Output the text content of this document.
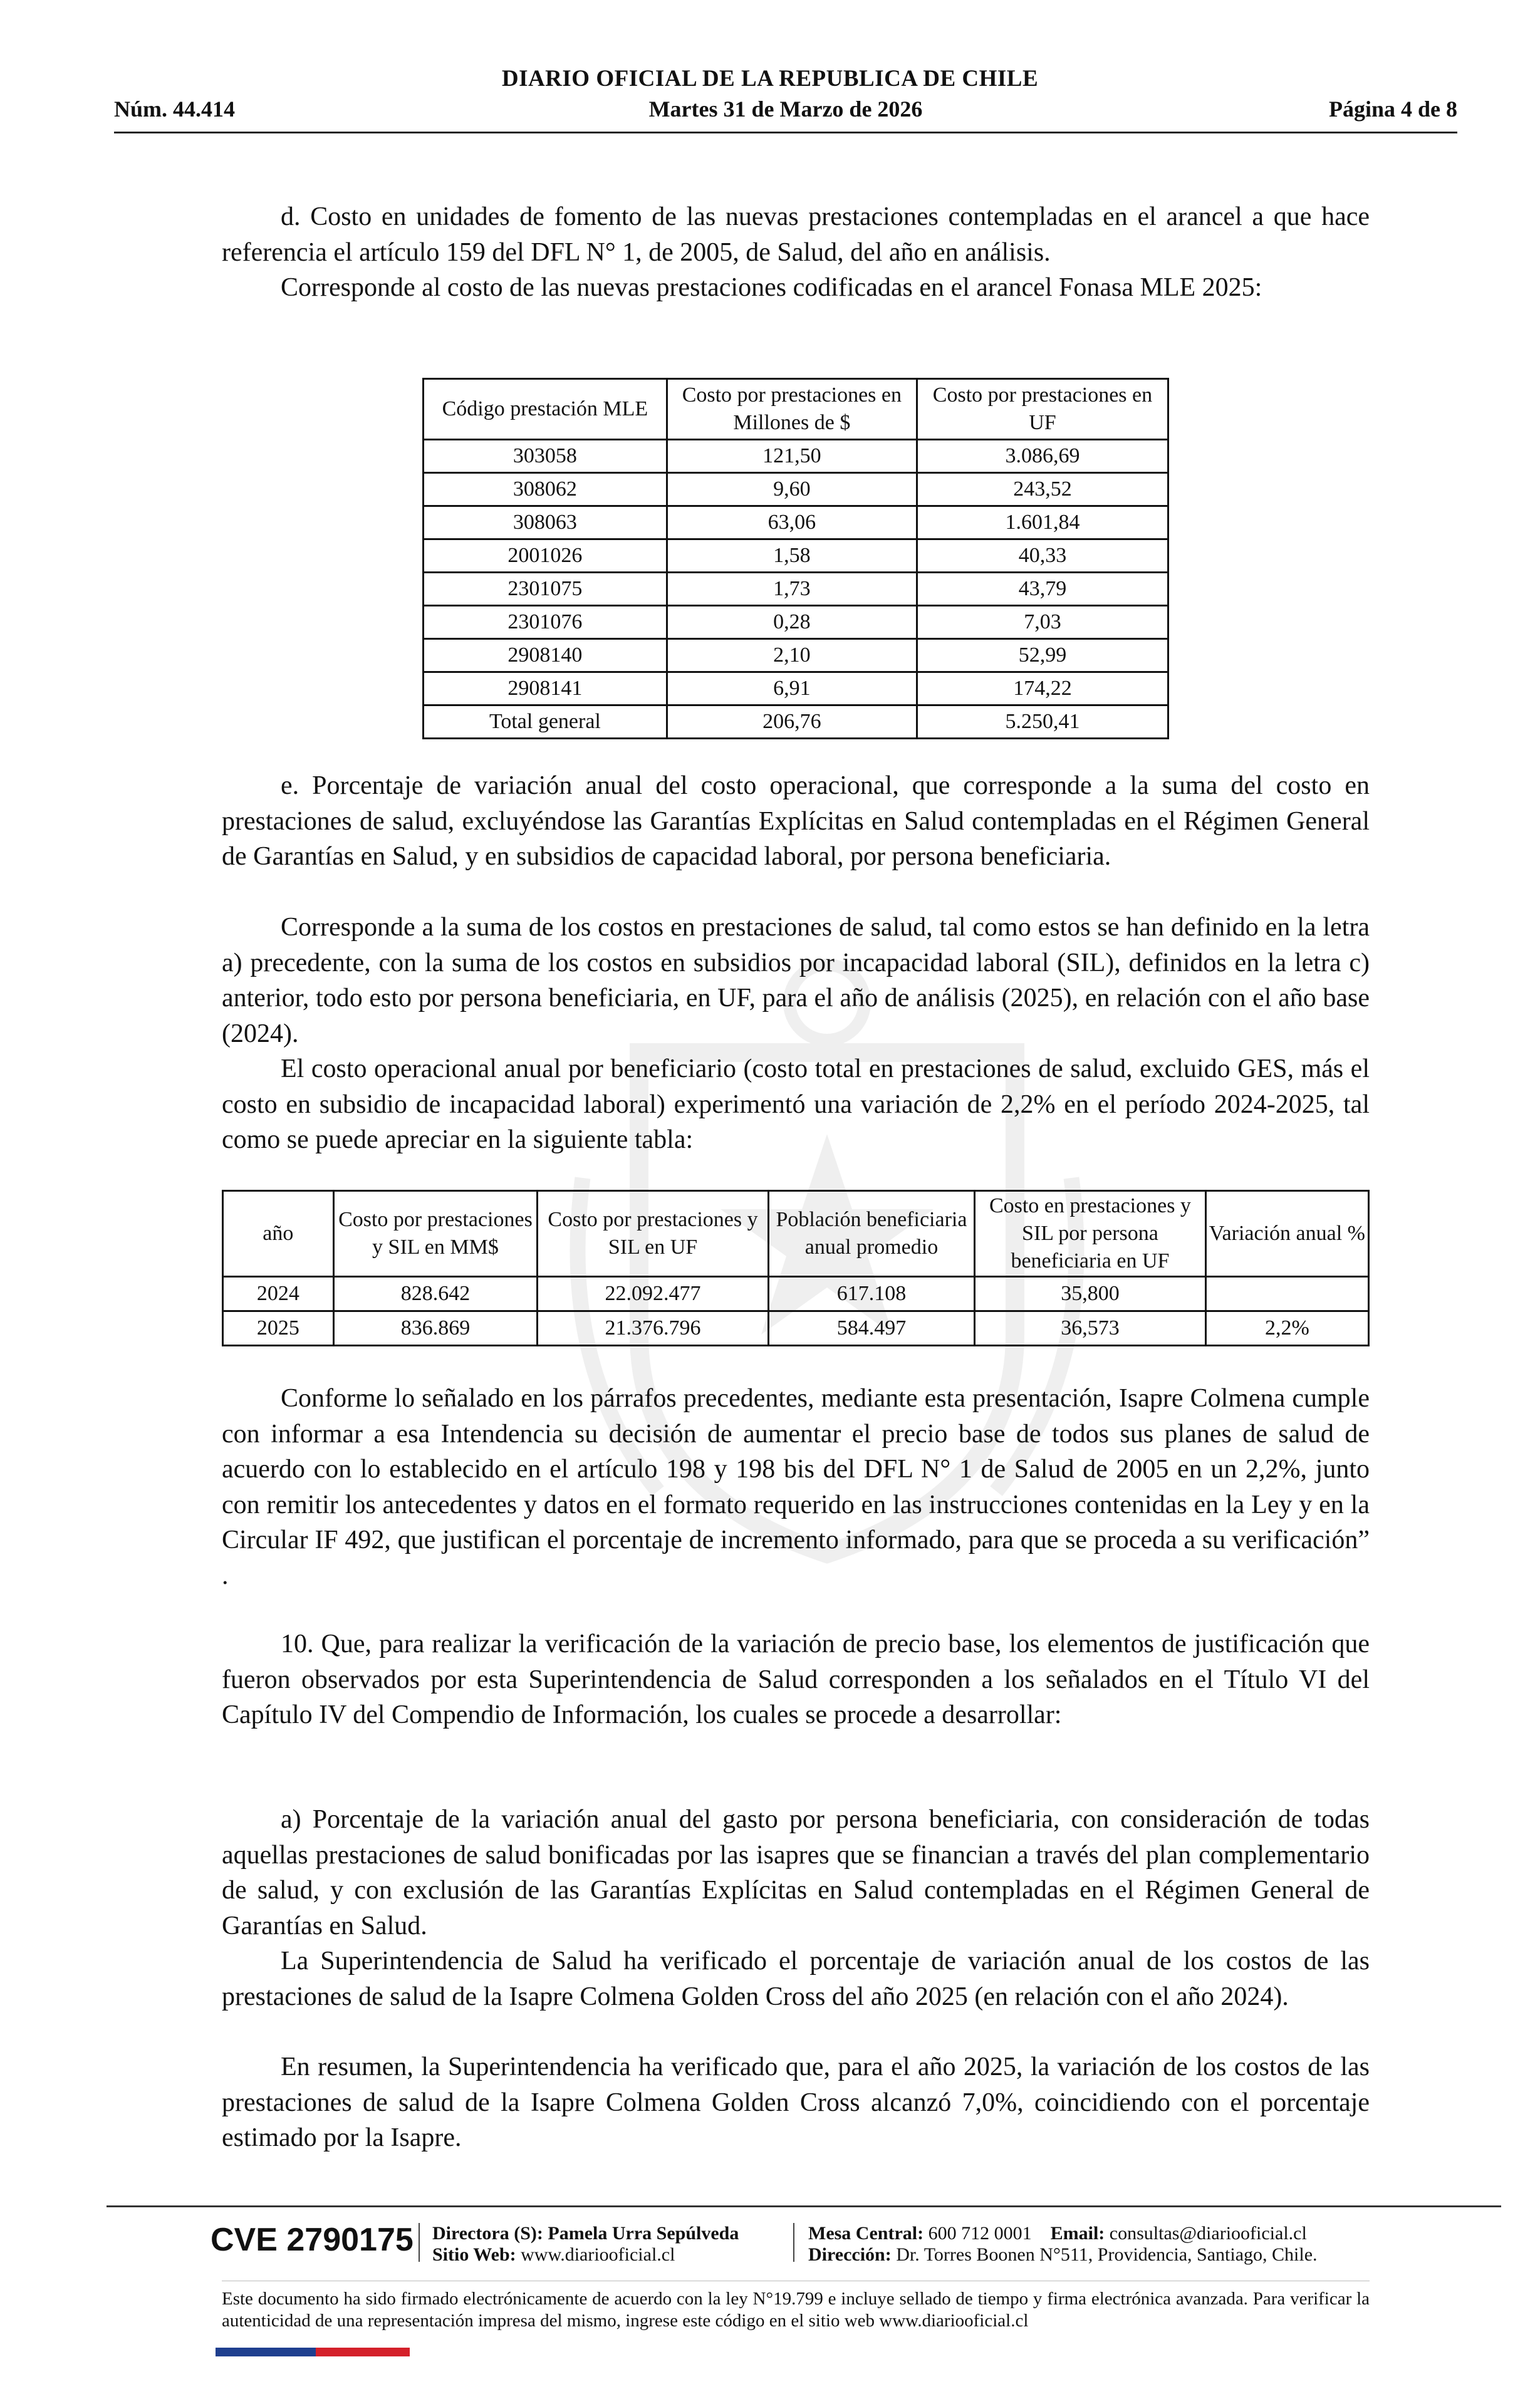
DIARIO OFICIAL DE LA REPUBLICA DE CHILE
Núm. 44.414	Martes 31 de Marzo de 2026	Página 4 de 8

d. Costo en unidades de fomento de las nuevas prestaciones contempladas en el arancel a que hace referencia el artículo 159 del DFL N° 1, de 2005, de Salud, del año en análisis.

Corresponde al costo de las nuevas prestaciones codificadas en el arancel Fonasa MLE 2025:

Código prestación MLE	Costo por prestaciones en Millones de $	Costo por prestaciones en UF
303058	121,50	3.086,69
308062	9,60	243,52
308063	63,06	1.601,84
2001026	1,58	40,33
2301075	1,73	43,79
2301076	0,28	7,03
2908140	2,10	52,99
2908141	6,91	174,22
Total general	206,76	5.250,41

e. Porcentaje de variación anual del costo operacional, que corresponde a la suma del costo en prestaciones de salud, excluyéndose las Garantías Explícitas en Salud contempladas en el Régimen General de Garantías en Salud, y en subsidios de capacidad laboral, por persona beneficiaria.

Corresponde a la suma de los costos en prestaciones de salud, tal como estos se han definido en la letra a) precedente, con la suma de los costos en subsidios por incapacidad laboral (SIL), definidos en la letra c) anterior, todo esto por persona beneficiaria, en UF, para el año de análisis (2025), en relación con el año base (2024).

El costo operacional anual por beneficiario (costo total en prestaciones de salud, excluido GES, más el costo en subsidio de incapacidad laboral) experimentó una variación de 2,2% en el período 2024-2025, tal como se puede apreciar en la siguiente tabla:

año	Costo por prestaciones y SIL en MM$	Costo por prestaciones y SIL en UF	Población beneficiaria anual promedio	Costo en prestaciones y SIL por persona beneficiaria en UF	Variación anual %
2024	828.642	22.092.477	617.108	35,800	
2025	836.869	21.376.796	584.497	36,573	2,2%

Conforme lo señalado en los párrafos precedentes, mediante esta presentación, Isapre Colmena cumple con informar a esa Intendencia su decisión de aumentar el precio base de todos sus planes de salud de acuerdo con lo establecido en el artículo 198 y 198 bis del DFL N° 1 de Salud de 2005 en un 2,2%, junto con remitir los antecedentes y datos en el formato requerido en las instrucciones contenidas en la Ley y en la Circular IF 492, que justifican el porcentaje de incremento informado, para que se proceda a su verificación” .

10. Que, para realizar la verificación de la variación de precio base, los elementos de justificación que fueron observados por esta Superintendencia de Salud corresponden a los señalados en el Título VI del Capítulo IV del Compendio de Información, los cuales se procede a desarrollar:

a) Porcentaje de la variación anual del gasto por persona beneficiaria, con consideración de todas aquellas prestaciones de salud bonificadas por las isapres que se financian a través del plan complementario de salud, y con exclusión de las Garantías Explícitas en Salud contempladas en el Régimen General de Garantías en Salud.

La Superintendencia de Salud ha verificado el porcentaje de variación anual de los costos de las prestaciones de salud de la Isapre Colmena Golden Cross del año 2025 (en relación con el año 2024).

En resumen, la Superintendencia ha verificado que, para el año 2025, la variación de los costos de las prestaciones de salud de la Isapre Colmena Golden Cross alcanzó 7,0%, coincidiendo con el porcentaje estimado por la Isapre.

CVE 2790175 Directora (S): Pamela Urra Sepúlveda
Sitio Web: www.diariooficial.cl
Mesa Central: 600 712 0001 Email: consultas@diariooficial.cl
Dirección: Dr. Torres Boonen N°511, Providencia, Santiago, Chile.
Este documento ha sido firmado electrónicamente de acuerdo con la ley N°19.799 e incluye sellado de tiempo y firma electrónica avanzada. Para verificar la autenticidad de una representación impresa del mismo, ingrese este código en el sitio web www.diariooficial.cl
